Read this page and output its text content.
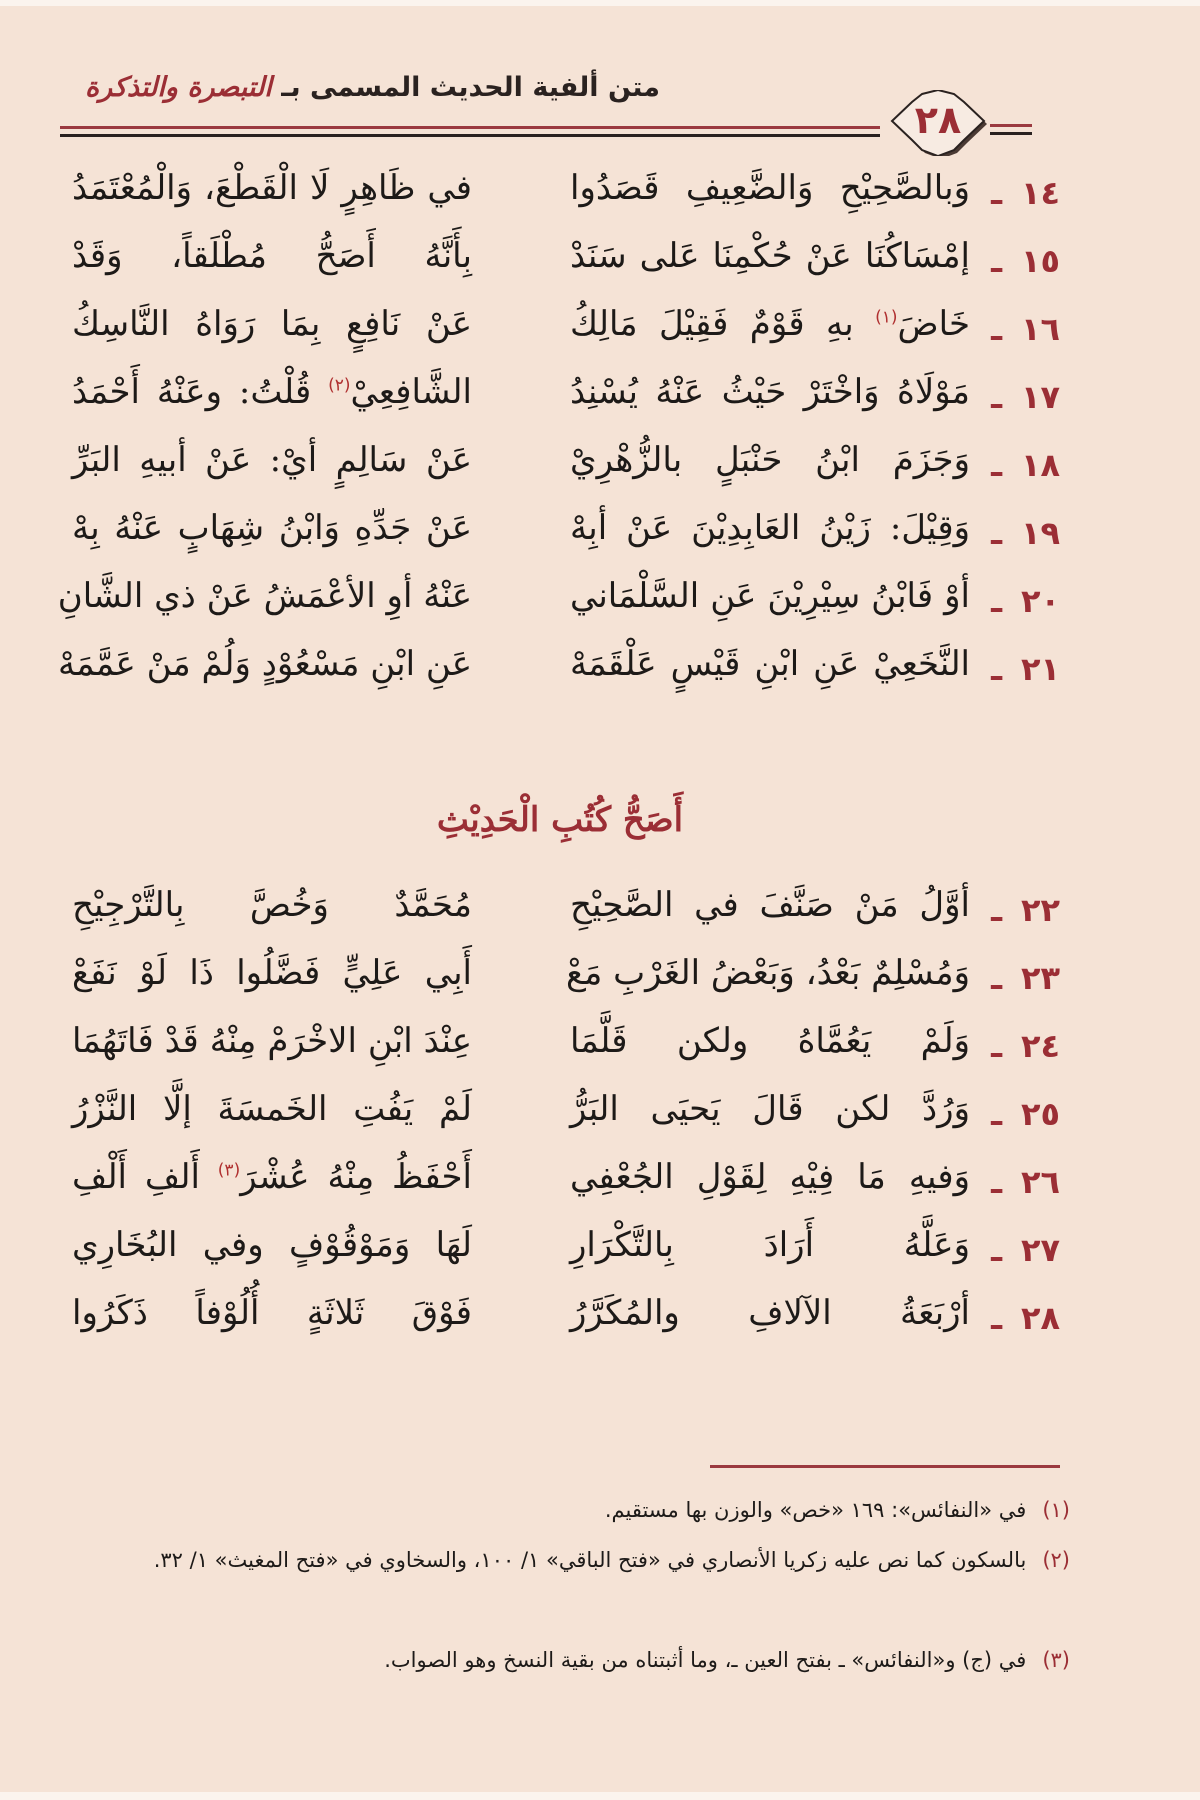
متن ألفية الحديث المسمى بـ التبصرة والتذكرة
٢٨
١٤
ـ
وَبالصَّحِيْحِ وَالضَّعِيفِ قَصَدُوا
في ظَاهِرٍ لَا الْقَطْعَ، وَالْمُعْتَمَدُ
١٥
ـ
إمْسَاكُنَا عَنْ حُكْمِنَا عَلى سَنَدْ
بِأَنَّهُ أَصَحُّ مُطْلَقاً، وَقَدْ
١٦
ـ
خَاضَ$^{(١)}$ بهِ قَوْمٌ فَقِيْلَ مَالِكُ
عَنْ نَافِعٍ بِمَا رَوَاهُ النَّاسِكُ
١٧
ـ
مَوْلَاهُ وَاخْتَرْ حَيْثُ عَنْهُ يُسْنِدُ
الشَّافِعِيْ$^{(٢)}$ قُلْتُ: وعَنْهُ أَحْمَدُ
١٨
ـ
وَجَزَمَ ابْنُ حَنْبَلٍ بالزُّهْرِيْ
عَنْ سَالِمٍ أيْ: عَنْ أبيهِ البَرِّ
١٩
ـ
وَقِيْلَ: زَيْنُ العَابِدِيْنَ عَنْ أبِهْ
عَنْ جَدِّهِ وَابْنُ شِهَابٍ عَنْهُ بِهْ
٢٠
ـ
أوْ فَابْنُ سِيْرِيْنَ عَنِ السَّلْمَاني
عَنْهُ أوِ الأعْمَشُ عَنْ ذي الشَّانِ
٢١
ـ
النَّخَعِيْ عَنِ ابْنِ قَيْسٍ عَلْقَمَهْ
عَنِ ابْنِ مَسْعُوْدٍ وَلُمْ مَنْ عَمَّمَهْ
أَصَحُّ كُتُبِ الْحَدِيْثِ
٢٢
ـ
أوَّلُ مَنْ صَنَّفَ في الصَّحِيْحِ
مُحَمَّدٌ وَخُصَّ بِالتَّرْجِيْحِ
٢٣
ـ
وَمُسْلِمٌ بَعْدُ، وَبَعْضُ الغَرْبِ مَعْ
أَبِي عَلِيٍّ فَضَّلُوا ذَا لَوْ نَفَعْ
٢٤
ـ
وَلَمْ يَعُمَّاهُ ولكن قَلَّمَا
عِنْدَ ابْنِ الاخْرَمْ مِنْهُ قَدْ فَاتَهُمَا
٢٥
ـ
وَرُدَّ لكن قَالَ يَحيَى البَرُّ
لَمْ يَفُتِ الخَمسَةَ إلَّا النَّزْرُ
٢٦
ـ
وَفيهِ مَا فِيْهِ لِقَوْلِ الجُعْفِي
أَحْفَظُ مِنْهُ عُشْرَ$^{(٣)}$ أَلفِ أَلْفِ
٢٧
ـ
وَعَلَّهُ أَرَادَ بِالتَّكْرَارِ
لَهَا وَمَوْقُوْفٍ وفي البُخَارِي
٢٨
ـ
أرْبَعَةُ الآلافِ والمُكَرَّرُ
فَوْقَ ثَلاثَةٍ أُلُوْفاً ذَكَرُوا
(١)في «النفائس»: ١٦٩ «خص» والوزن بها مستقيم.
(٢)بالسكون كما نص عليه زكريا الأنصاري في «فتح الباقي» ١/ ١٠٠، والسخاوي في «فتح المغيث» ١/ ٣٢.
(٣)في (ج) و«النفائس» ـ بفتح العين ـ، وما أثبتناه من بقية النسخ وهو الصواب.
